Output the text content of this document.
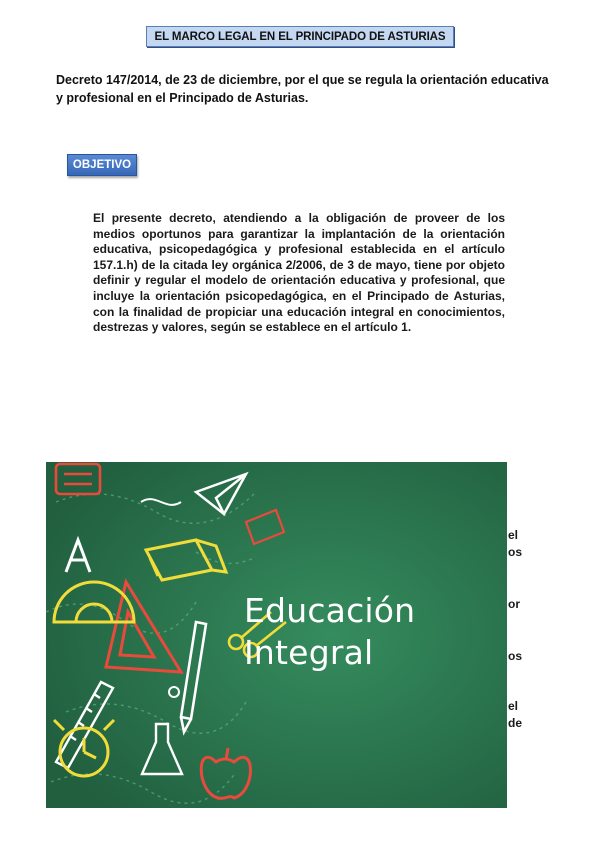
EL MARCO LEGAL EN EL PRINCIPADO DE ASTURIAS
Decreto 147/2014, de 23 de diciembre, por el que se regula la orientación educativa y profesional en el Principado de Asturias.
OBJETIVO
El presente decreto, atendiendo a la obligación de proveer de los medios oportunos para garantizar la implantación de la orientación educativa, psicopedagógica y profesional establecida en el artículo 157.1.h) de la citada ley orgánica 2/2006, de 3 de mayo, tiene por objeto definir y regular el modelo de orientación educativa y profesional, que incluye la orientación psicopedagógica, en el Principado de Asturias, con la finalidad de propiciar una educación integral en conocimientos, destrezas y valores, según se establece en el artículo 1.
el
os
or
os
el
de
Educación
Integral
